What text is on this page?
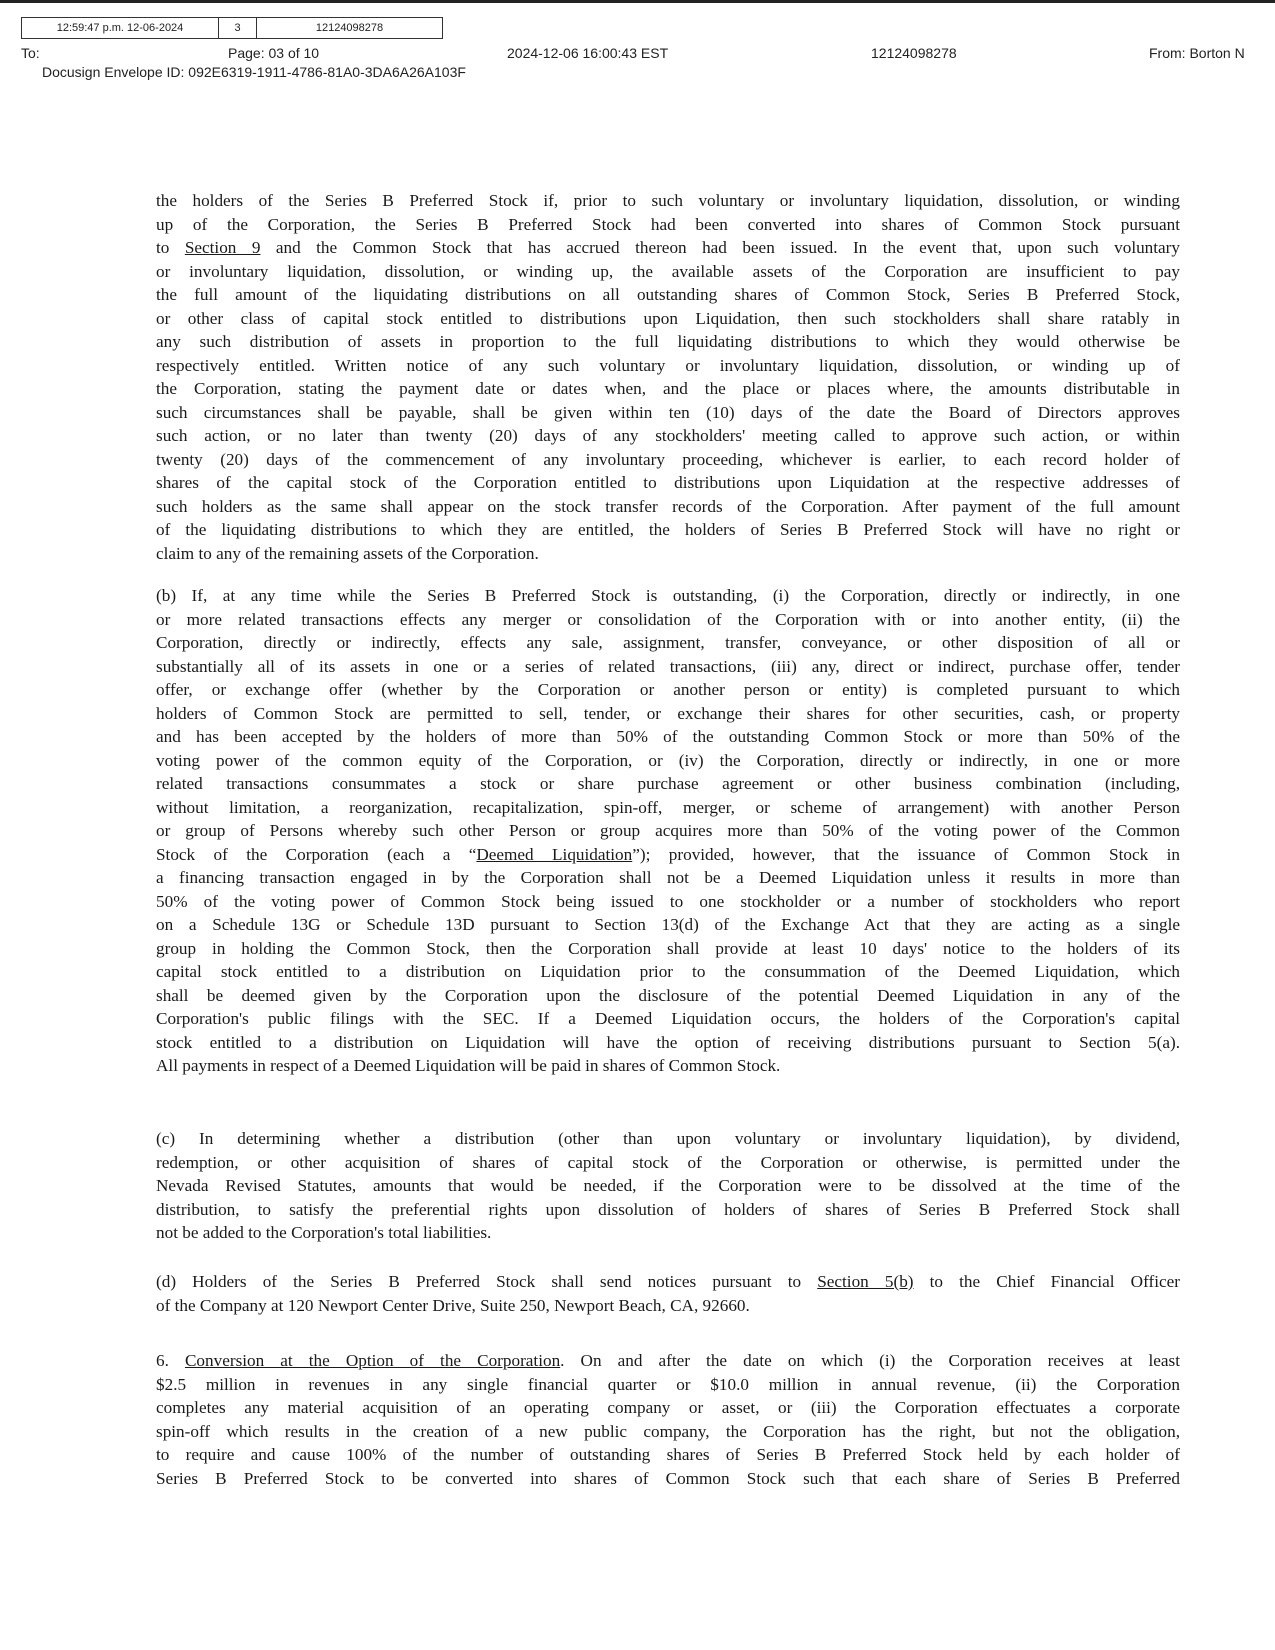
12:59:47 p.m. 12-06-2024	3	12124098278
To:	Page: 03 of 10	2024-12-06 16:00:43 EST	12124098278	From: Borton N
Docusign Envelope ID: 092E6319-1911-4786-81A0-3DA6A26A103F
the holders of the Series B Preferred Stock if, prior to such voluntary or involuntary liquidation, dissolution, or winding
up of the Corporation, the Series B Preferred Stock had been converted into shares of Common Stock pursuant
to Section 9 and the Common Stock that has accrued thereon had been issued. In the event that, upon such voluntary
or involuntary liquidation, dissolution, or winding up, the available assets of the Corporation are insufficient to pay
the full amount of the liquidating distributions on all outstanding shares of Common Stock, Series B Preferred Stock,
or other class of capital stock entitled to distributions upon Liquidation, then such stockholders shall share ratably in
any such distribution of assets in proportion to the full liquidating distributions to which they would otherwise be
respectively entitled. Written notice of any such voluntary or involuntary liquidation, dissolution, or winding up of
the Corporation, stating the payment date or dates when, and the place or places where, the amounts distributable in
such circumstances shall be payable, shall be given within ten (10) days of the date the Board of Directors approves
such action, or no later than twenty (20) days of any stockholders' meeting called to approve such action, or within
twenty (20) days of the commencement of any involuntary proceeding, whichever is earlier, to each record holder of
shares of the capital stock of the Corporation entitled to distributions upon Liquidation at the respective addresses of
such holders as the same shall appear on the stock transfer records of the Corporation. After payment of the full amount
of the liquidating distributions to which they are entitled, the holders of Series B Preferred Stock will have no right or
claim to any of the remaining assets of the Corporation.
(b) If, at any time while the Series B Preferred Stock is outstanding, (i) the Corporation, directly or indirectly, in one
or more related transactions effects any merger or consolidation of the Corporation with or into another entity, (ii) the
Corporation, directly or indirectly, effects any sale, assignment, transfer, conveyance, or other disposition of all or
substantially all of its assets in one or a series of related transactions, (iii) any, direct or indirect, purchase offer, tender
offer, or exchange offer (whether by the Corporation or another person or entity) is completed pursuant to which
holders of Common Stock are permitted to sell, tender, or exchange their shares for other securities, cash, or property
and has been accepted by the holders of more than 50% of the outstanding Common Stock or more than 50% of the
voting power of the common equity of the Corporation, or (iv) the Corporation, directly or indirectly, in one or more
related transactions consummates a stock or share purchase agreement or other business combination (including,
without limitation, a reorganization, recapitalization, spin-off, merger, or scheme of arrangement) with another Person
or group of Persons whereby such other Person or group acquires more than 50% of the voting power of the Common
Stock of the Corporation (each a “Deemed Liquidation”); provided, however, that the issuance of Common Stock in
a financing transaction engaged in by the Corporation shall not be a Deemed Liquidation unless it results in more than
50% of the voting power of Common Stock being issued to one stockholder or a number of stockholders who report
on a Schedule 13G or Schedule 13D pursuant to Section 13(d) of the Exchange Act that they are acting as a single
group in holding the Common Stock, then the Corporation shall provide at least 10 days' notice to the holders of its
capital stock entitled to a distribution on Liquidation prior to the consummation of the Deemed Liquidation, which
shall be deemed given by the Corporation upon the disclosure of the potential Deemed Liquidation in any of the
Corporation's public filings with the SEC. If a Deemed Liquidation occurs, the holders of the Corporation's capital
stock entitled to a distribution on Liquidation will have the option of receiving distributions pursuant to Section 5(a).
All payments in respect of a Deemed Liquidation will be paid in shares of Common Stock.
(c) In determining whether a distribution (other than upon voluntary or involuntary liquidation), by dividend,
redemption, or other acquisition of shares of capital stock of the Corporation or otherwise, is permitted under the
Nevada Revised Statutes, amounts that would be needed, if the Corporation were to be dissolved at the time of the
distribution, to satisfy the preferential rights upon dissolution of holders of shares of Series B Preferred Stock shall
not be added to the Corporation's total liabilities.
(d) Holders of the Series B Preferred Stock shall send notices pursuant to Section 5(b) to the Chief Financial Officer
of the Company at 120 Newport Center Drive, Suite 250, Newport Beach, CA, 92660.
6. Conversion at the Option of the Corporation. On and after the date on which (i) the Corporation receives at least
$2.5 million in revenues in any single financial quarter or $10.0 million in annual revenue, (ii) the Corporation
completes any material acquisition of an operating company or asset, or (iii) the Corporation effectuates a corporate
spin-off which results in the creation of a new public company, the Corporation has the right, but not the obligation,
to require and cause 100% of the number of outstanding shares of Series B Preferred Stock held by each holder of
Series B Preferred Stock to be converted into shares of Common Stock such that each share of Series B Preferred
